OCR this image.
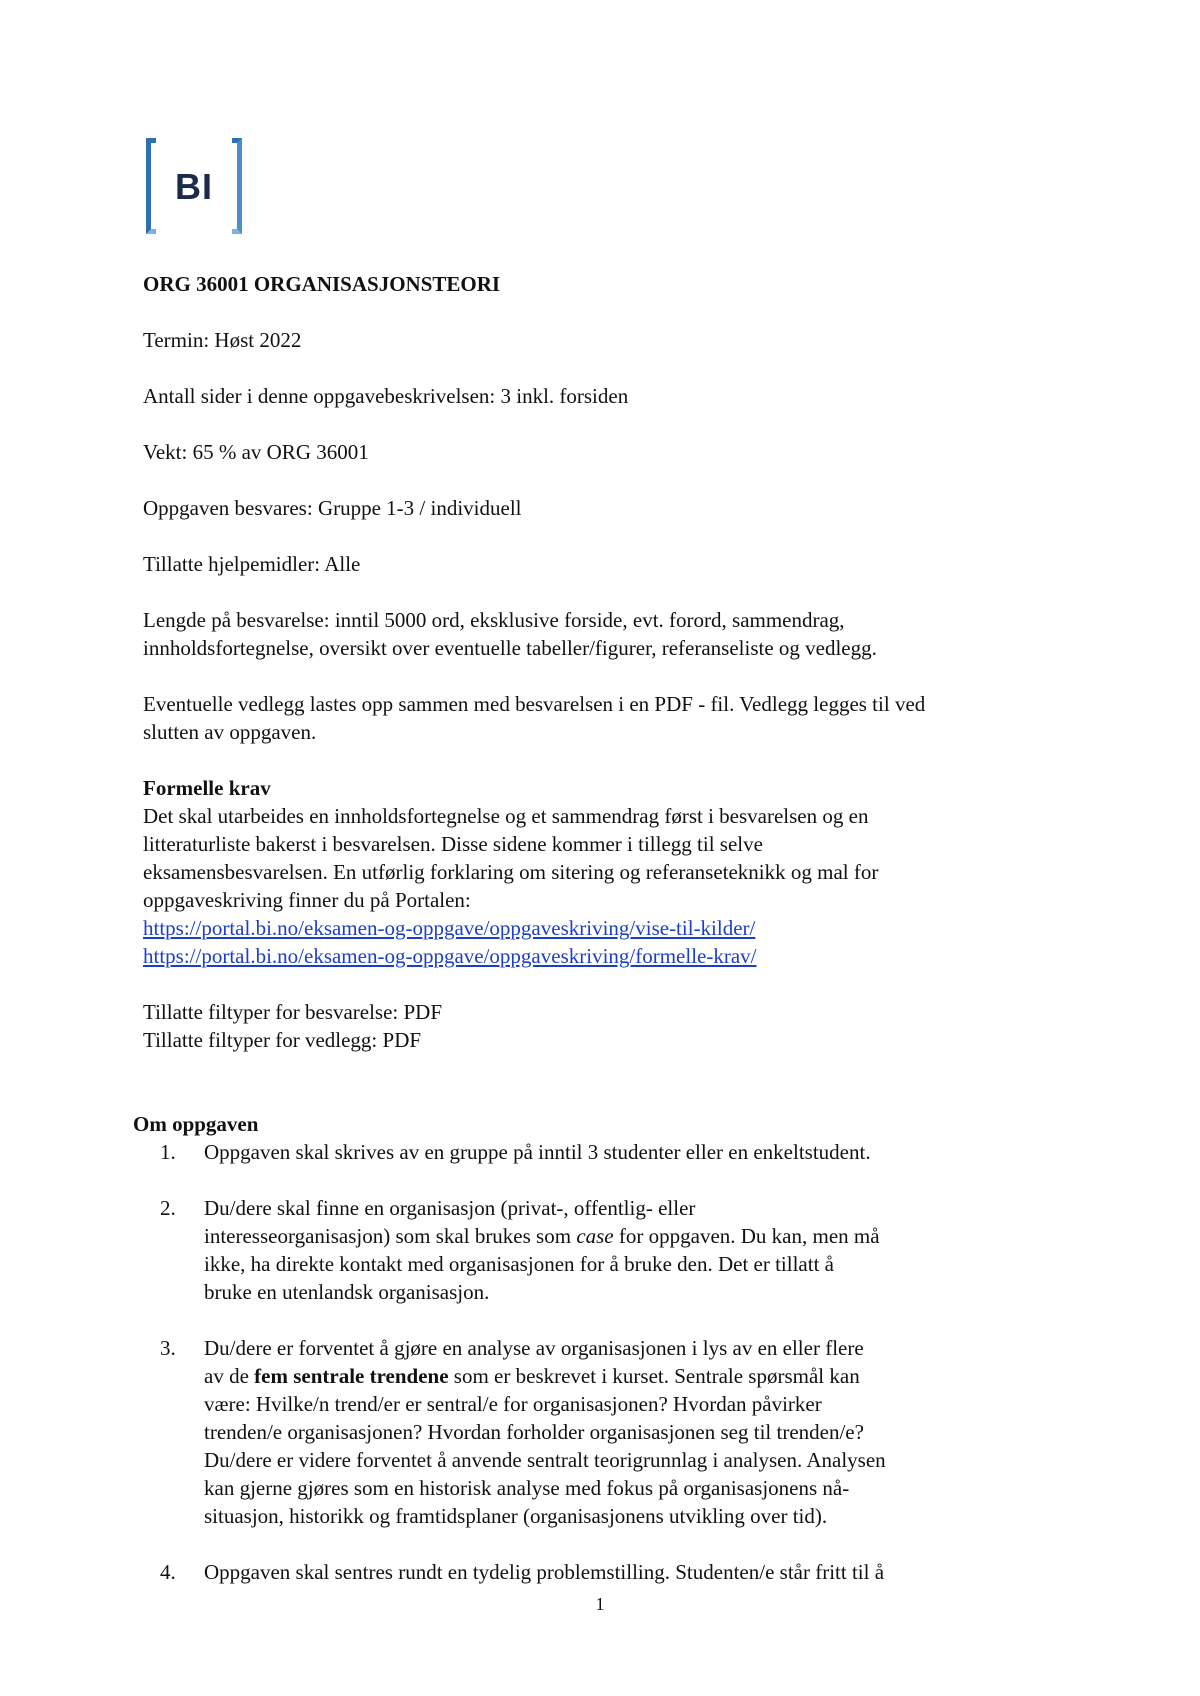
BI

ORG 36001 ORGANISASJONSTEORI

Termin: Høst 2022

Antall sider i denne oppgavebeskrivelsen: 3 inkl. forsiden

Vekt: 65 % av ORG 36001

Oppgaven besvares: Gruppe 1-3 / individuell

Tillatte hjelpemidler: Alle

Lengde på besvarelse: inntil 5000 ord, eksklusive forside, evt. forord, sammendrag,

innholdsfortegnelse, oversikt over eventuelle tabeller/figurer, referanseliste og vedlegg.

Eventuelle vedlegg lastes opp sammen med besvarelsen i en PDF - fil. Vedlegg legges til ved

slutten av oppgaven.

Formelle krav

Det skal utarbeides en innholdsfortegnelse og et sammendrag først i besvarelsen og en

litteraturliste bakerst i besvarelsen. Disse sidene kommer i tillegg til selve

eksamensbesvarelsen. En utførlig forklaring om sitering og referanseteknikk og mal for

oppgaveskriving finner du på Portalen:

https://portal.bi.no/eksamen-og-oppgave/oppgaveskriving/vise-til-kilder/

https://portal.bi.no/eksamen-og-oppgave/oppgaveskriving/formelle-krav/

Tillatte filtyper for besvarelse: PDF

Tillatte filtyper for vedlegg: PDF

Om oppgaven

1.	Oppgaven skal skrives av en gruppe på inntil 3 studenter eller en enkeltstudent.

2.	Du/dere skal finne en organisasjon (privat-, offentlig- eller

interesseorganisasjon) som skal brukes som case for oppgaven. Du kan, men må

ikke, ha direkte kontakt med organisasjonen for å bruke den. Det er tillatt å

bruke en utenlandsk organisasjon.

3.	Du/dere er forventet å gjøre en analyse av organisasjonen i lys av en eller flere

av de fem sentrale trendene som er beskrevet i kurset. Sentrale spørsmål kan

være: Hvilke/n trend/er er sentral/e for organisasjonen? Hvordan påvirker

trenden/e organisasjonen? Hvordan forholder organisasjonen seg til trenden/e?

Du/dere er videre forventet å anvende sentralt teorigrunnlag i analysen. Analysen

kan gjerne gjøres som en historisk analyse med fokus på organisasjonens nå-

situasjon, historikk og framtidsplaner (organisasjonens utvikling over tid).

4.	Oppgaven skal sentres rundt en tydelig problemstilling. Studenten/e står fritt til å

1
